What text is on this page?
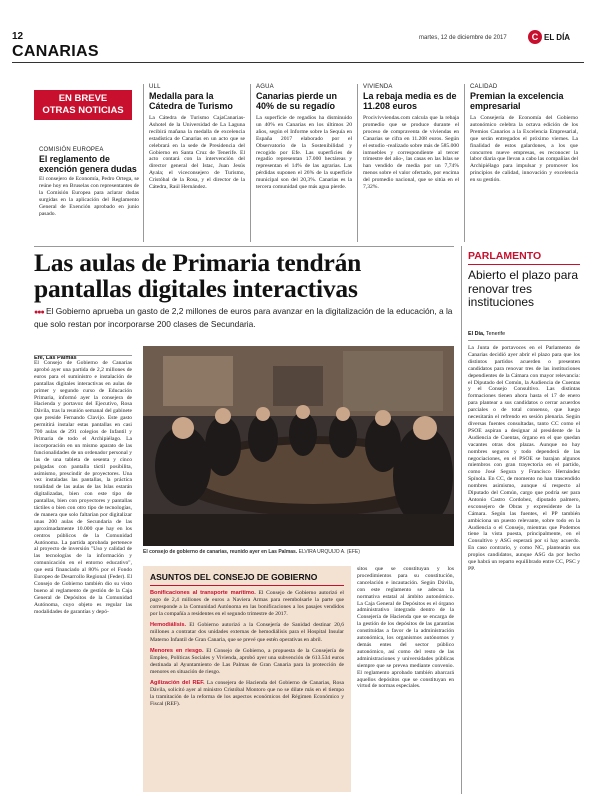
12
CANARIAS
martes, 12 de diciembre de 2017	C EL DÍA
EN BREVE
OTRAS NOTICIAS
COMISIÓN EUROPEA
El reglamento de exención genera dudas
El consejero de Economía, Pedro Ortega, se reúne hoy en Bruselas con representantes de la Comisión Europea para aclarar dudas surgidas en la aplicación del Reglamento General de Exención aprobado en junio pasado.
ULL
Medalla para la Cátedra de Turismo
La Cátedra de Turismo CajaCanarias-Ashotel de la Universidad de La Laguna recibirá mañana la medalla de excelencia estadística de Canarias en un acto que se celebrará en la sede de Presidencia del Gobierno en Santa Cruz de Tenerife. El acto contará con la intervención del director general del Istac, Juan Jesús Ayala; el viceconsejero de Turismo, Cristóbal de la Rosa, y el director de la Cátedra, Raúl Hernández.
AGUA
Canarias pierde un 40% de su regadío
La superficie de regadíos ha disminuido un 40% en Canarias en los últimos 20 años, según el Informe sobre la Sequía en España 2017 elaborado por el Observatorio de la Sostenibilidad y recogido por Efe. Las superficies de regadío representan 17.000 hectáreas y representan el 14% de las agrarias. Las pérdidas suponen el 26% de la superficie municipal son del 20,3%. Canarias es la tercera comunidad que más agua pierde.
VIVIENDA
La rebaja media es de 11.208 euros
Procivivviendas.com calcula que la rebaja promedio que se produce durante el proceso de compraventa de viviendas en Canarias se cifra en 11.208 euros. Según el estudio -realizado sobre más de 585.000 inmuebles y correspondiente al tercer trimestre del año-, las casas en las Islas se han vendido de media por un 7,74% menos sobre el valor ofertado, por encima del promedio nacional, que se sitúa en el 7,32%.
CALIDAD
Premian la excelencia empresarial
La Consejería de Economía del Gobierno autonómico celebra la octava edición de los Premios Canarios a la Excelencia Empresarial, que serán entregados el próximo viernes. La finalidad de estos galardones, a los que concurren nueve empresas, es reconocer la labor diaria que llevan a cabo las compañías del Archipiélago para impulsar y promover los principios de calidad, innovación y excelencia en su gestión.
Las aulas de Primaria tendrán
pantallas digitales interactivas
●●● El Gobierno aprueba un gasto de 2,2 millones de euros para avanzar en la digitalización de la educación, a la que solo restan por incorporarse 200 clases de Secundaria.
Efe, Las Palmas
El Consejo de Gobierno de Canarias aprobó ayer una partida de 2,2 millones de euros para el suministro e instalación de pantallas digitales interactivas en aulas de primer y segundo curso de Educación Primaria, informó ayer la consejera de Hacienda y portavoz del Ejecutivo, Rosa Dávila, tras la reunión semanal del gabinete que preside Fernando Clavijo. Este gasto permitirá instalar estas pantallas en casi 700 aulas de 291 colegios de Infantil y Primaria de todo el Archipiélago. La incorporación en un mismo aparato de las funcionalidades de un ordenador personal y las de una tableta de sesenta y cinco pulgadas con pantalla táctil posibilita, asimismo, prescindir de proyectores. Una vez instaladas las pantallas, la práctica totalidad de las aulas de las Islas estarán digitalizadas, bien con este tipo de pantallas, bien con proyectores y pantallas táctiles o bien con otro tipo de tecnologías, de manera que solo faltarían por digitalizar unas 200 aulas de Secundaria de las aproximadamente 10.000 que hay en los centros públicos de la Comunidad Autónoma. La partida aprobada pertenece al proyecto de inversión "Uso y calidad de las tecnologías de la información y comunicación en el entorno educativo", que está financiado al 80% por el Fondo Europeo de Desarrollo Regional (Feder). El Consejo de Gobierno también dio su visto bueno al reglamento de gestión de la Caja General de Depósitos de la Comunidad Autónoma, cuyo objeto es regular las modalidades de garantías y depó-
El consejo de gobierno de canarias, reunido ayer en Las Palmas. ELVIRA URQUIJO A. (EFE)
ASUNTOS DEL CONSEJO DE GOBIERNO
Bonificaciones al transporte marítimo. El Consejo de Gobierno autorizó el pago de 2,4 millones de euros a Naviera Armas para reembolsarle la parte que corresponde a la Comunidad Autónoma en las bonificaciones a los pasajes vendidos por la compañía a residentes en el segundo trimestre de 2017.
Hemodiálisis. El Gobierno autorizó a la Consejería de Sanidad destinar 20,6 millones a contratar dos unidades externas de hemodiálisis para el Hospital Insular Materno Infantil de Gran Canaria, que se prevé que estén operativas en abril.
Menores en riesgo. El Consejo de Gobierno, a propuesta de la Consejería de Empleo, Políticas Sociales y Vivienda, aprobó ayer una subvención de 613.534 euros destinada al Ayuntamiento de Las Palmas de Gran Canaria para la protección de menores en situación de riesgo.
Agilización del REF. La consejera de Hacienda del Gobierno de Canarias, Rosa Dávila, solicitó ayer al ministro Cristóbal Montoro que no se dilate más en el tiempo la tramitación de la reforma de los aspectos económicos del Régimen Económico y Fiscal (REF).
sitos que se constituyan y los procedimientos para su constitución, cancelación e incautación. Según Dávila, con este reglamento se adecua la normativa estatal al ámbito autonómico. La Caja General de Depósitos es el órgano administrativo integrado dentro de la Consejería de Hacienda que se encarga de la gestión de los depósitos de las garantías constituidas a favor de la administración autonómica, los organismos autónomos y demás entes del sector público autonómico, así como del resto de las administraciones y universidades públicas siempre que se prevea mediante convenio. El reglamento aprobado también abarcará aquellos depósitos que se constituyan en virtud de normas especiales.
PARLAMENTO
Abierto el plazo para renovar tres instituciones
El Día, Tenerife
La Junta de portavoces en el Parlamento de Canarias decidió ayer abrir el plazo para que los distintos partidos acuerden o presenten candidatos para renovar tres de las instituciones dependientes de la Cámara con mayor relevancia: el Diputado del Común, la Audiencia de Cuentas y el Consejo Consultivo. Las distintas formaciones tienen ahora hasta el 17 de enero para plantear a sus candidatos o cerrar acuerdos parciales o de total consenso, que luego necesitarán el refrendo en sesión plenaria. Según diversas fuentes consultadas, tanto CC como el PSOE aspiran a designar al presidente de la Audiencia de Cuentas, órgano en el que quedan vacantes otras dos plazas. Aunque no hay nombres seguros y todo dependerá de las negociaciones, en el PSOE se barajan algunos miembros con gran trayectoria en el partido, como José Segura y Francisco Hernández Spínola. En CC, de momento no han trascendido nombres asimismo, aunque sí respecto al Diputado del Común, cargo que podría ser para Antonio Castro Cordobez, diputado palmero, exconsejero de Obras y expresidente de la Cámara. Según las fuentes, el PP también ambiciona un puesto relevante, sobre todo en la Audiencia o el Consejo, mientras que Podemos tiene la vista puesta, principalmente, en el Consultivo y ASG esperará por si hay acuerdo. En caso contrario, y como NC, plantearán sus propios candidatos, aunque ASG da por hecho que habrá un reparto equilibrado entre CC, PSC y PP.
